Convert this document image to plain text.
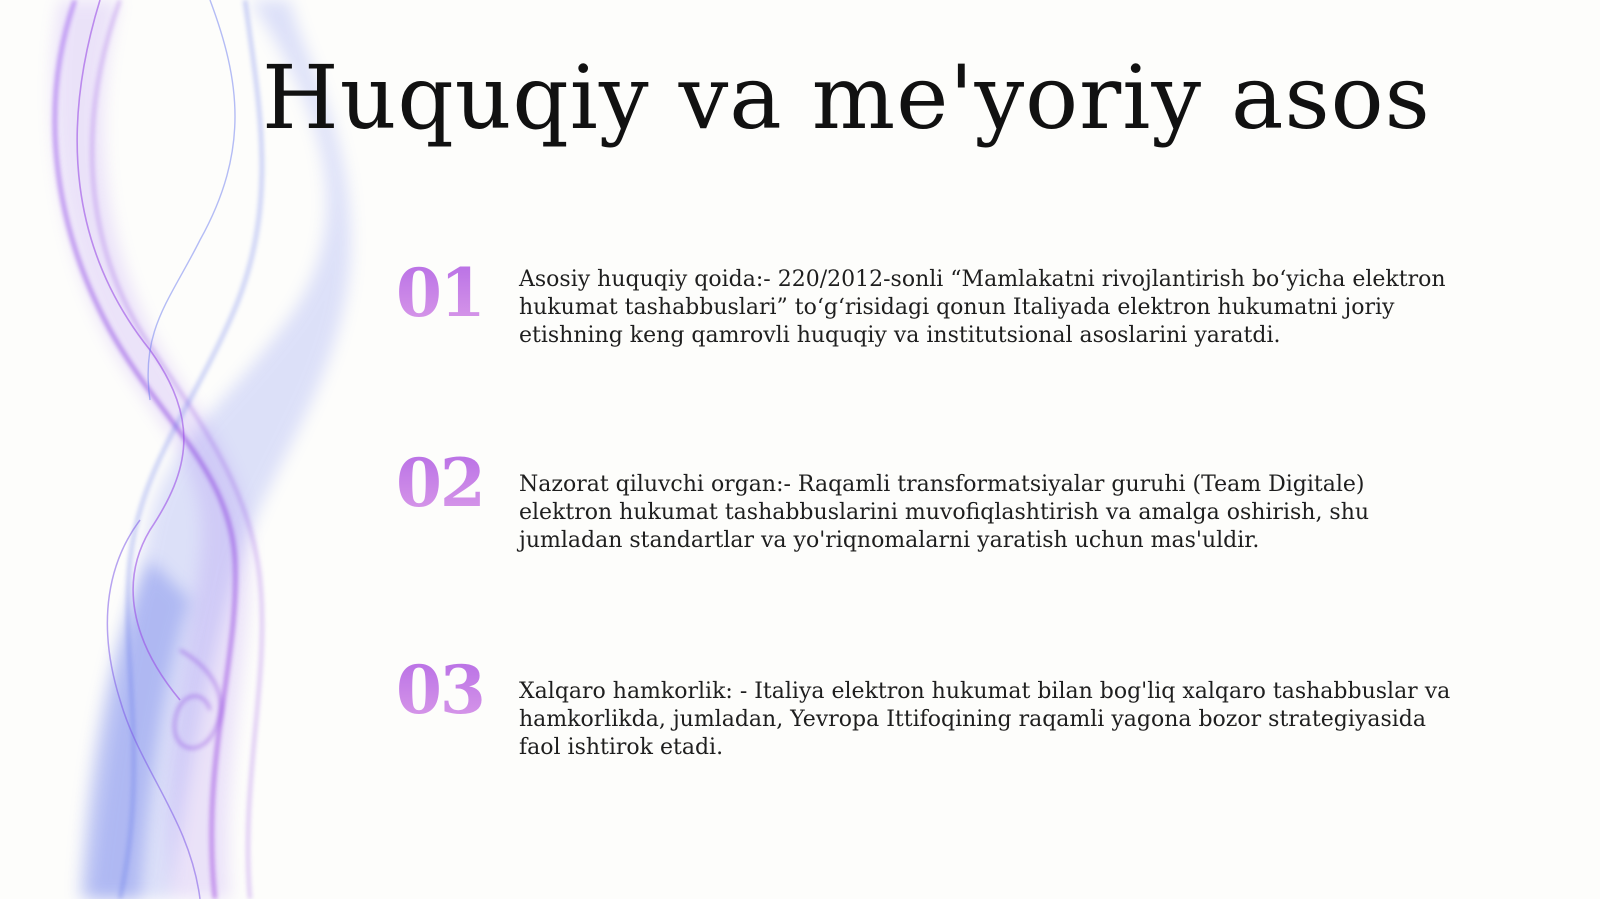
Huquqiy va me'yoriy asos
01 Asosiy huquqiy qoida:- 220/2012-sonli “Mamlakatni rivojlantirish bo‘yicha elektron hukumat tashabbuslari” to‘g‘risidagi qonun Italiyada elektron hukumatni joriy etishning keng qamrovli huquqiy va institutsional asoslarini yaratdi.

02 Nazorat qiluvchi organ:- Raqamli transformatsiyalar guruhi (Team Digitale) elektron hukumat tashabbuslarini muvofiqlashtirish va amalga oshirish, shu jumladan standartlar va yo'riqnomalarni yaratish uchun mas'uldir.

03 Xalqaro hamkorlik: - Italiya elektron hukumat bilan bog'liq xalqaro tashabbuslar va hamkorlikda, jumladan, Yevropa Ittifoqining raqamli yagona bozor strategiyasida faol ishtirok etadi.
